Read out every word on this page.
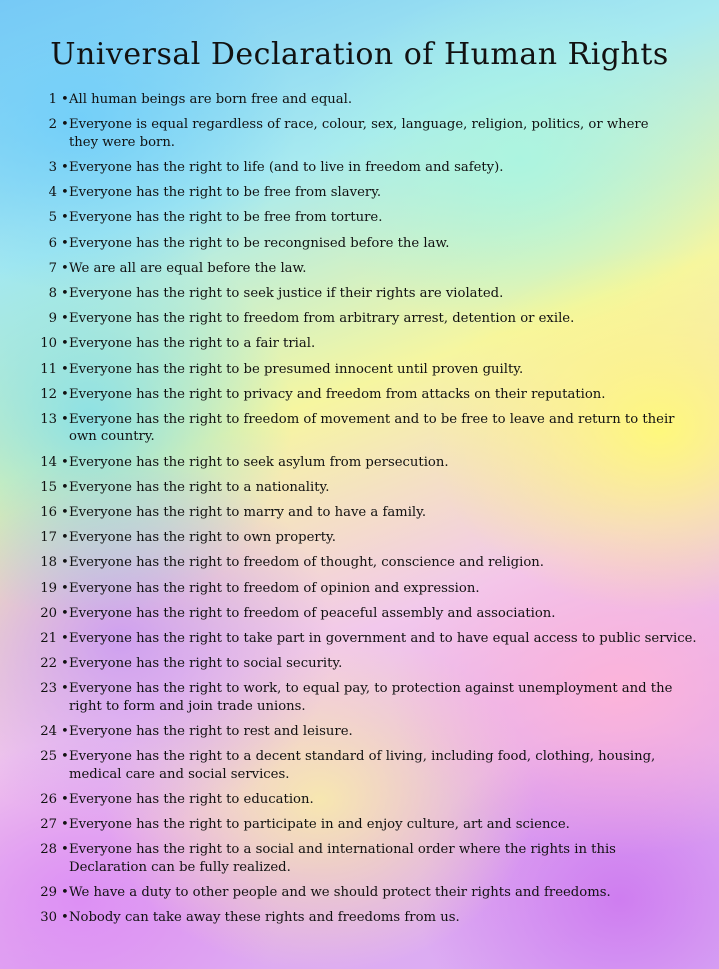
Universal Declaration of Human Rights
1 • All human beings are born free and equal.
2 • Everyone is equal regardless of race, colour, sex, language, religion, politics, or where
they were born.
3 • Everyone has the right to life (and to live in freedom and safety).
4 • Everyone has the right to be free from slavery.
5 • Everyone has the right to be free from torture.
6 • Everyone has the right to be recongnised before the law.
7 • We are all are equal before the law.
8 • Everyone has the right to seek justice if their rights are violated.
9 • Everyone has the right to freedom from arbitrary arrest, detention or exile.
10 • Everyone has the right to a fair trial.
11 • Everyone has the right to be presumed innocent until proven guilty.
12 • Everyone has the right to privacy and freedom from attacks on their reputation.
13 • Everyone has the right to freedom of movement and to be free to leave and return to their
own country.
14 • Everyone has the right to seek asylum from persecution.
15 • Everyone has the right to a nationality.
16 • Everyone has the right to marry and to have a family.
17 • Everyone has the right to own property.
18 • Everyone has the right to freedom of thought, conscience and religion.
19 • Everyone has the right to freedom of opinion and expression.
20 • Everyone has the right to freedom of peaceful assembly and association.
21 • Everyone has the right to take part in government and to have equal access to public service.
22 • Everyone has the right to social security.
23 • Everyone has the right to work, to equal pay, to protection against unemployment and the
right to form and join trade unions.
24 • Everyone has the right to rest and leisure.
25 • Everyone has the right to a decent standard of living, including food, clothing, housing,
medical care and social services.
26 • Everyone has the right to education.
27 • Everyone has the right to participate in and enjoy culture, art and science.
28 • Everyone has the right to a social and international order where the rights in this
Declaration can be fully realized.
29 • We have a duty to other people and we should protect their rights and freedoms.
30 • Nobody can take away these rights and freedoms from us.
